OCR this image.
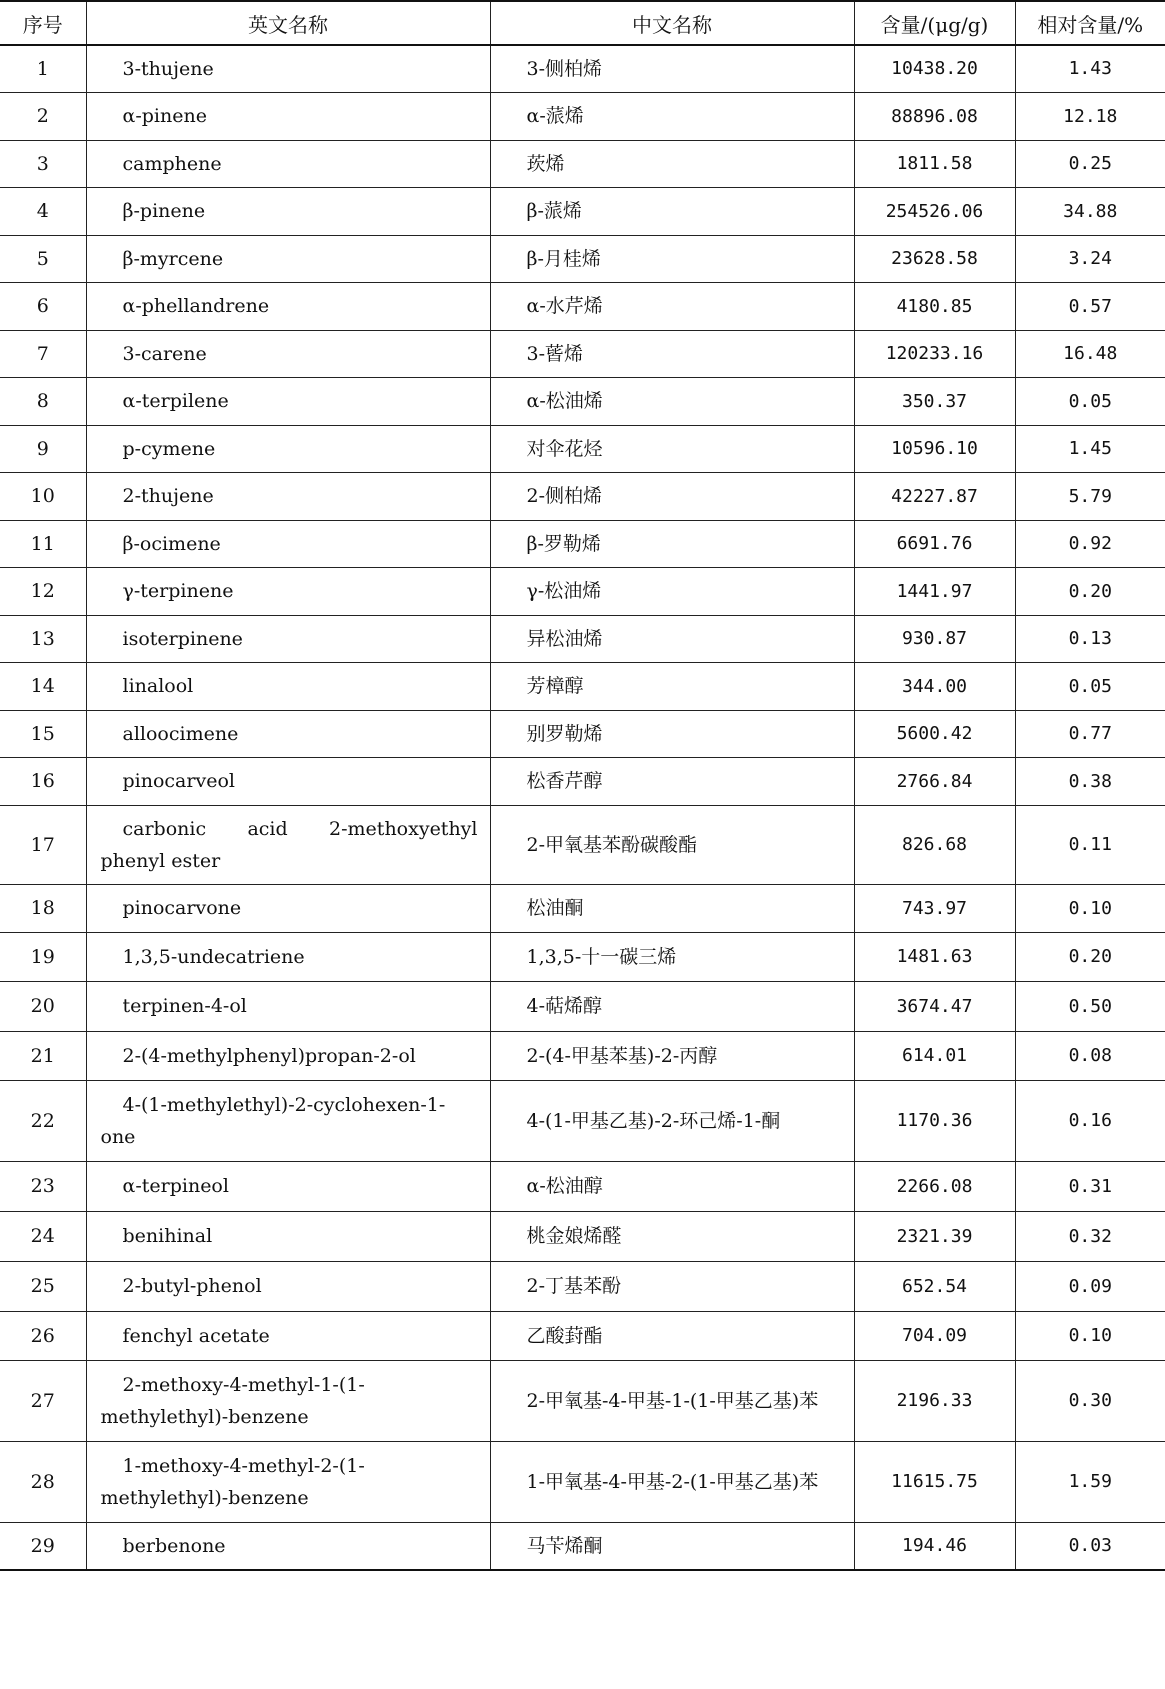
序号	英文名称	中文名称	含量/(μg/g)	相对含量/%
1	3-thujene	3-侧柏烯	10438.20	1.43
2	α-pinene	α-蒎烯	88896.08	12.18
3	camphene	莰烯	1811.58	0.25
4	β-pinene	β-蒎烯	254526.06	34.88
5	β-myrcene	β-月桂烯	23628.58	3.24
6	α-phellandrene	α-水芹烯	4180.85	0.57
7	3-carene	3-蒈烯	120233.16	16.48
8	α-terpilene	α-松油烯	350.37	0.05
9	p-cymene	对伞花烃	10596.10	1.45
10	2-thujene	2-侧柏烯	42227.87	5.79
11	β-ocimene	β-罗勒烯	6691.76	0.92
12	γ-terpinene	γ-松油烯	1441.97	0.20
13	isoterpinene	异松油烯	930.87	0.13
14	linalool	芳樟醇	344.00	0.05
15	alloocimene	别罗勒烯	5600.42	0.77
16	pinocarveol	松香芹醇	2766.84	0.38
17	carbonic acid 2-methoxyethyl phenyl ester	2-甲氧基苯酚碳酸酯	826.68	0.11
18	pinocarvone	松油酮	743.97	0.10
19	1,3,5-undecatriene	1,3,5-十一碳三烯	1481.63	0.20
20	terpinen-4-ol	4-萜烯醇	3674.47	0.50
21	2-(4-methylphenyl)propan-2-ol	2-(4-甲基苯基)-2-丙醇	614.01	0.08
22	4-(1-methylethyl)-2-cyclohexen-1-one	4-(1-甲基乙基)-2-环己烯-1-酮	1170.36	0.16
23	α-terpineol	α-松油醇	2266.08	0.31
24	benihinal	桃金娘烯醛	2321.39	0.32
25	2-butyl-phenol	2-丁基苯酚	652.54	0.09
26	fenchyl acetate	乙酸葑酯	704.09	0.10
27	2-methoxy-4-methyl-1-(1-methylethyl)-benzene	2-甲氧基-4-甲基-1-(1-甲基乙基)苯	2196.33	0.30
28	1-methoxy-4-methyl-2-(1-methylethyl)-benzene	1-甲氧基-4-甲基-2-(1-甲基乙基)苯	11615.75	1.59
29	berbenone	马苄烯酮	194.46	0.03
